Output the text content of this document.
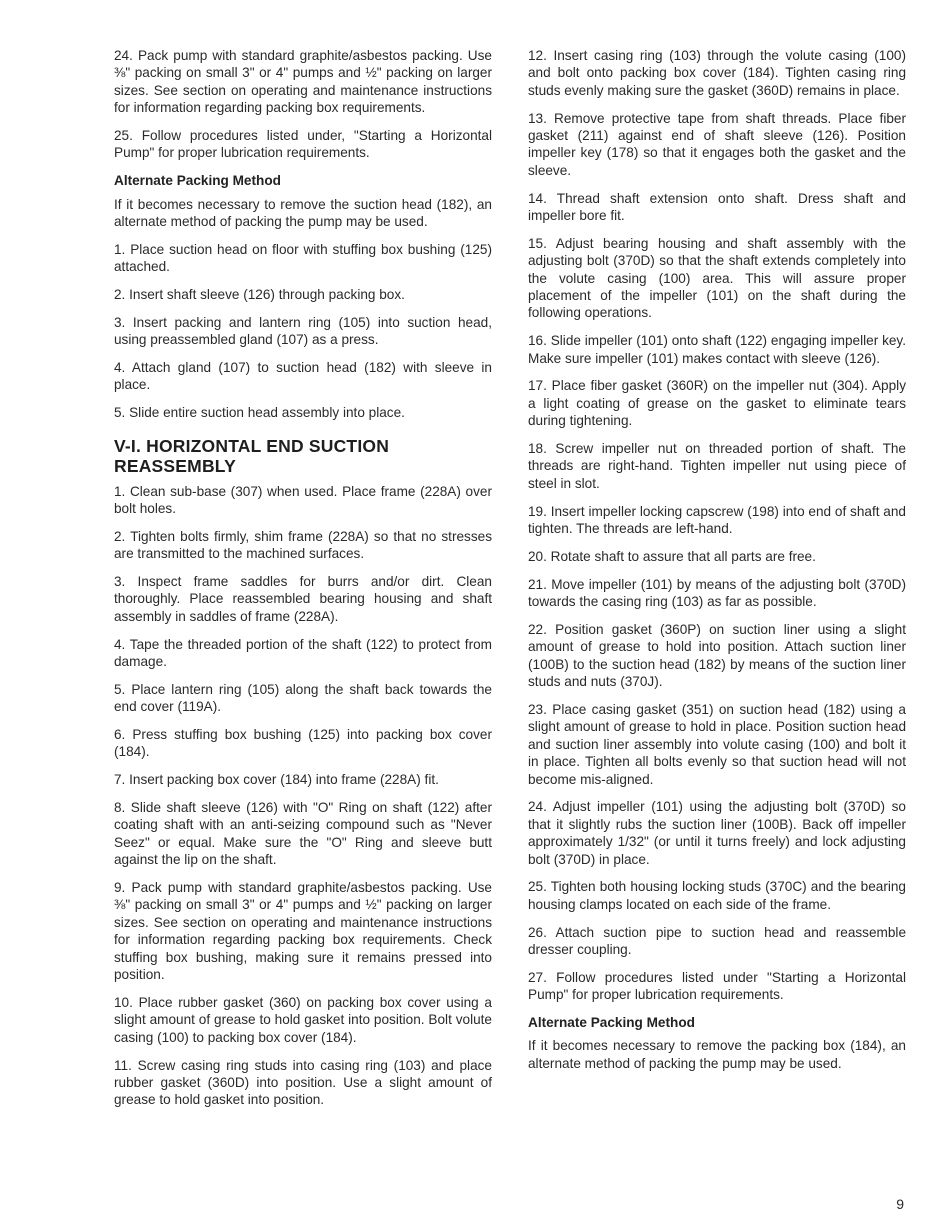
24. Pack pump with standard graphite/asbestos packing. Use ⅜" packing on small 3" or 4" pumps and ½" packing on larger sizes. See section on operating and maintenance instructions for information regarding packing box requirements.

25. Follow procedures listed under, "Starting a Horizontal Pump" for proper lubrication requirements.

Alternate Packing Method

If it becomes necessary to remove the suction head (182), an alternate method of packing the pump may be used.

1. Place suction head on floor with stuffing box bushing (125) attached.

2. Insert shaft sleeve (126) through packing box.

3. Insert packing and lantern ring (105) into suction head, using preassembled gland (107) as a press.

4. Attach gland (107) to suction head (182) with sleeve in place.

5. Slide entire suction head assembly into place.

V-I. HORIZONTAL END SUCTION
REASSEMBLY

1. Clean sub-base (307) when used. Place frame (228A) over bolt holes.

2. Tighten bolts firmly, shim frame (228A) so that no stresses are transmitted to the machined surfaces.

3. Inspect frame saddles for burrs and/or dirt. Clean thoroughly. Place reassembled bearing housing and shaft assembly in saddles of frame (228A).

4. Tape the threaded portion of the shaft (122) to protect from damage.

5. Place lantern ring (105) along the shaft back towards the end cover (119A).

6. Press stuffing box bushing (125) into packing box cover (184).

7. Insert packing box cover (184) into frame (228A) fit.

8. Slide shaft sleeve (126) with "O" Ring on shaft (122) after coating shaft with an anti-seizing compound such as "Never Seez" or equal. Make sure the "O" Ring and sleeve butt against the lip on the shaft.

9. Pack pump with standard graphite/asbestos packing. Use ⅜" packing on small 3" or 4" pumps and ½" packing on larger sizes. See section on operating and maintenance instructions for information regarding packing box requirements. Check stuffing box bushing, making sure it remains pressed into position.

10. Place rubber gasket (360) on packing box cover using a slight amount of grease to hold gasket into position. Bolt volute casing (100) to packing box cover (184).

11. Screw casing ring studs into casing ring (103) and place rubber gasket (360D) into position. Use a slight amount of grease to hold gasket into position.

12. Insert casing ring (103) through the volute casing (100) and bolt onto packing box cover (184). Tighten casing ring studs evenly making sure the gasket (360D) remains in place.

13. Remove protective tape from shaft threads. Place fiber gasket (211) against end of shaft sleeve (126). Position impeller key (178) so that it engages both the gasket and the sleeve.

14. Thread shaft extension onto shaft. Dress shaft and impeller bore fit.

15. Adjust bearing housing and shaft assembly with the adjusting bolt (370D) so that the shaft extends completely into the volute casing (100) area. This will assure proper placement of the impeller (101) on the shaft during the following operations.

16. Slide impeller (101) onto shaft (122) engaging impeller key. Make sure impeller (101) makes contact with sleeve (126).

17. Place fiber gasket (360R) on the impeller nut (304). Apply a light coating of grease on the gasket to eliminate tears during tightening.

18. Screw impeller nut on threaded portion of shaft. The threads are right-hand. Tighten impeller nut using piece of steel in slot.

19. Insert impeller locking capscrew (198) into end of shaft and tighten. The threads are left-hand.

20. Rotate shaft to assure that all parts are free.

21. Move impeller (101) by means of the adjusting bolt (370D) towards the casing ring (103) as far as possible.

22. Position gasket (360P) on suction liner using a slight amount of grease to hold into position. Attach suction liner (100B) to the suction head (182) by means of the suction liner studs and nuts (370J).

23. Place casing gasket (351) on suction head (182) using a slight amount of grease to hold in place. Position suction head and suction liner assembly into volute casing (100) and bolt it in place. Tighten all bolts evenly so that suction head will not become mis-aligned.

24. Adjust impeller (101) using the adjusting bolt (370D) so that it slightly rubs the suction liner (100B). Back off impeller approximately 1/32" (or until it turns freely) and lock adjusting bolt (370D) in place.

25. Tighten both housing locking studs (370C) and the bearing housing clamps located on each side of the frame.

26. Attach suction pipe to suction head and reassemble dresser coupling.

27. Follow procedures listed under "Starting a Horizontal Pump" for proper lubrication requirements.

Alternate Packing Method

If it becomes necessary to remove the packing box (184), an alternate method of packing the pump may be used.

9
